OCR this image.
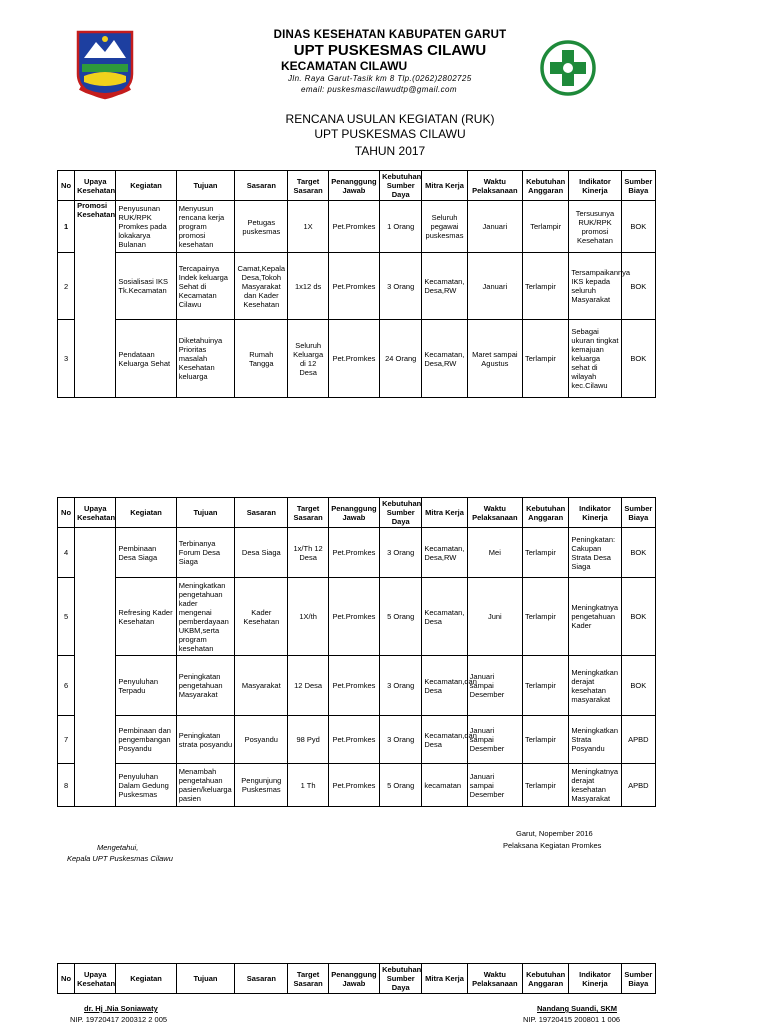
DINAS KESEHATAN KABUPATEN GARUT
UPT PUSKESMAS CILAWU
KECAMATAN CILAWU
Jln. Raya Garut-Tasik km 8 Tlp.(0262)2802725
email: puskesmascilawudtp@gmail.com
RENCANA USULAN KEGIATAN (RUK)
UPT PUSKESMAS CILAWU
TAHUN 2017
No	Upaya Kesehatan	Kegiatan	Tujuan	Sasaran	Target Sasaran	Penanggung Jawab	Kebutuhan Sumber Daya	Mitra Kerja	Waktu Pelaksanaan	Kebutuhan Anggaran	Indikator Kinerja	Sumber Biaya
1	Promosi Kesehatan	Penyusunan RUK/RPK Promkes pada lokakarya Bulanan	Menyusun rencana kerja program promosi kesehatan	Petugas puskesmas	1X	Pet.Promkes	1 Orang	Seluruh pegawai puskesmas	Januari	Terlampir	Tersusunya RUK/RPK promosi Kesehatan	BOK
2		Sosialisasi IKS Tk.Kecamatan	Tercapainya Indek keluarga Sehat di Kecamatan Cilawu	Camat,Kepala Desa,Tokoh Masyarakat dan Kader Kesehatan	1x12 ds	Pet.Promkes	3 Orang	Kecamatan, Desa,RW	Januari	Terlampir	Tersampaikannya IKS kepada seluruh Masyarakat	BOK
3		Pendataan Keluarga Sehat	Diketahuinya Prioritas masalah Kesehatan keluarga	Rumah Tangga	Seluruh Keluarga di 12 Desa	Pet.Promkes	24 Orang	Kecamatan, Desa,RW	Maret sampai Agustus	Terlampir	Sebagai ukuran tingkat kemajuan keluarga sehat di wilayah kec.Cilawu	BOK
No	Upaya Kesehatan	Kegiatan	Tujuan	Sasaran	Target Sasaran	Penanggung Jawab	Kebutuhan Sumber Daya	Mitra Kerja	Waktu Pelaksanaan	Kebutuhan Anggaran	Indikator Kinerja	Sumber Biaya
4		Pembinaan Desa Siaga	Terbinanya Forum Desa Siaga	Desa Siaga	1x/Th 12 Desa	Pet.Promkes	3 Orang	Kecamatan, Desa,RW	Mei	Terlampir	Peningkatan: Cakupan Strata Desa Siaga	BOK
5		Refresing Kader Kesehatan	Meningkatkan pengetahuan kader mengenai pemberdayaan UKBM,serta program kesehatan	Kader Kesehatan	1X/th	Pet.Promkes	5 Orang	Kecamatan, Desa	Juni	Terlampir	Meningkatnya pengetahuan Kader	BOK
6		Penyuluhan Terpadu	Peningkatan pengetahuan Masyarakat	Masyarakat	12 Desa	Pet.Promkes	3 Orang	Kecamatan,dan Desa	Januari sampai Desember	Terlampir	Meningkatkan derajat kesehatan masyarakat	BOK
7		Pembinaan dan pengembangan Posyandu	Peningkatan strata posyandu	Posyandu	98 Pyd	Pet.Promkes	3 Orang	Kecamatan,dan Desa	Januari sampai Desember	Terlampir	Meningkatkan Strata Posyandu	APBD
8		Penyuluhan Dalam Gedung Puskesmas	Menambah pengetahuan pasien/keluarga pasien	Pengunjung Puskesmas	1 Th	Pet.Promkes	5 Orang	kecamatan	Januari sampai Desember	Terlampir	Meningkatnya derajat kesehatan Masyarakat	APBD
Garut, Nopember 2016
Pelaksana Kegiatan Promkes
Mengetahui,
Kepala UPT Puskesmas Cilawu
No	Upaya Kesehatan	Kegiatan	Tujuan	Sasaran	Target Sasaran	Penanggung Jawab	Kebutuhan Sumber Daya	Mitra Kerja	Waktu Pelaksanaan	Kebutuhan Anggaran	Indikator Kinerja	Sumber Biaya
dr. Hj .Nia Soniawaty
NIP. 19720417 200312 2 005
Nandang Suandi, SKM
NIP. 19720415 200801 1 006
